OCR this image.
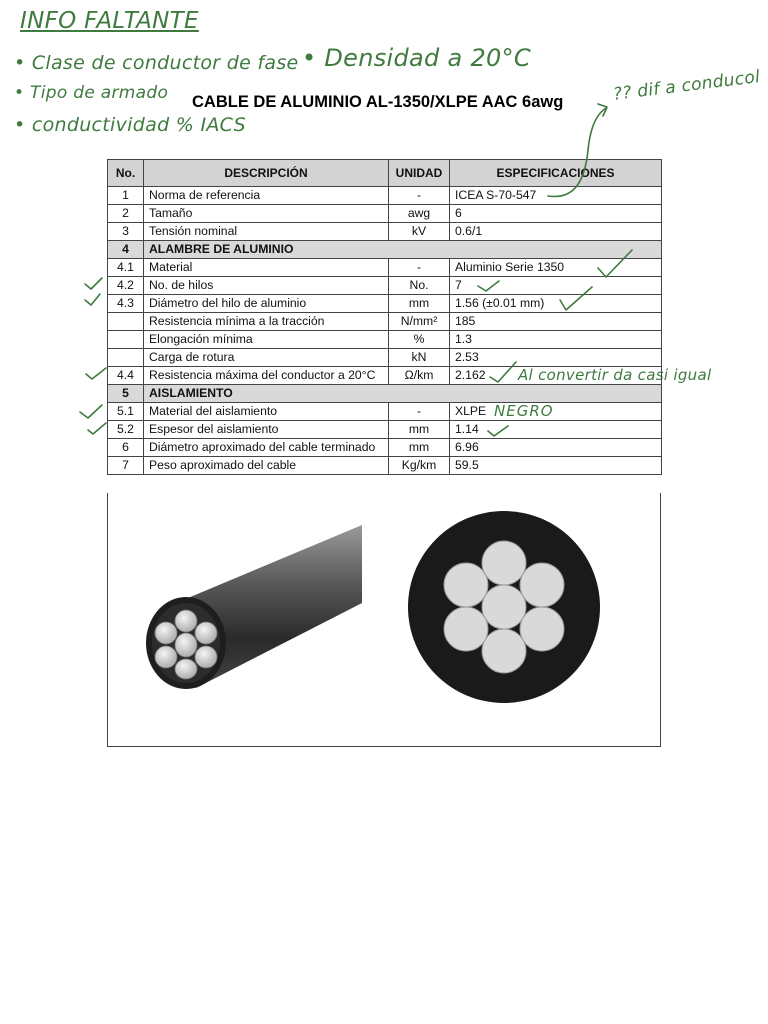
INFO FALTANTE
• Clase de conductor de fase • Densidad a 20°C
• Tipo de armado
• conductividad % IACS
?? dif a conducol
Al convertir da casi igual
NEGRO
CABLE DE ALUMINIO AL-1350/XLPE AAC 6awg
No.	DESCRIPCIÓN	UNIDAD	ESPECIFICACIONES
1	Norma de referencia	-	ICEA S-70-547
2	Tamaño	awg	6
3	Tensión nominal	kV	0.6/1
4	ALAMBRE DE ALUMINIO		
4.1	Material	-	Aluminio Serie 1350
4.2	No. de hilos	No.	7
4.3	Diámetro del hilo de aluminio	mm	1.56 (±0.01 mm)
	Resistencia mínima a la tracción	N/mm²	185
	Elongación mínima	%	1.3
	Carga de rotura	kN	2.53
4.4	Resistencia máxima del conductor a 20°C	Ω/km	2.162
5	AISLAMIENTO		
5.1	Material del aislamiento	-	XLPE
5.2	Espesor del aislamiento	mm	1.14
6	Diámetro aproximado del cable terminado	mm	6.96
7	Peso aproximado del cable	Kg/km	59.5
